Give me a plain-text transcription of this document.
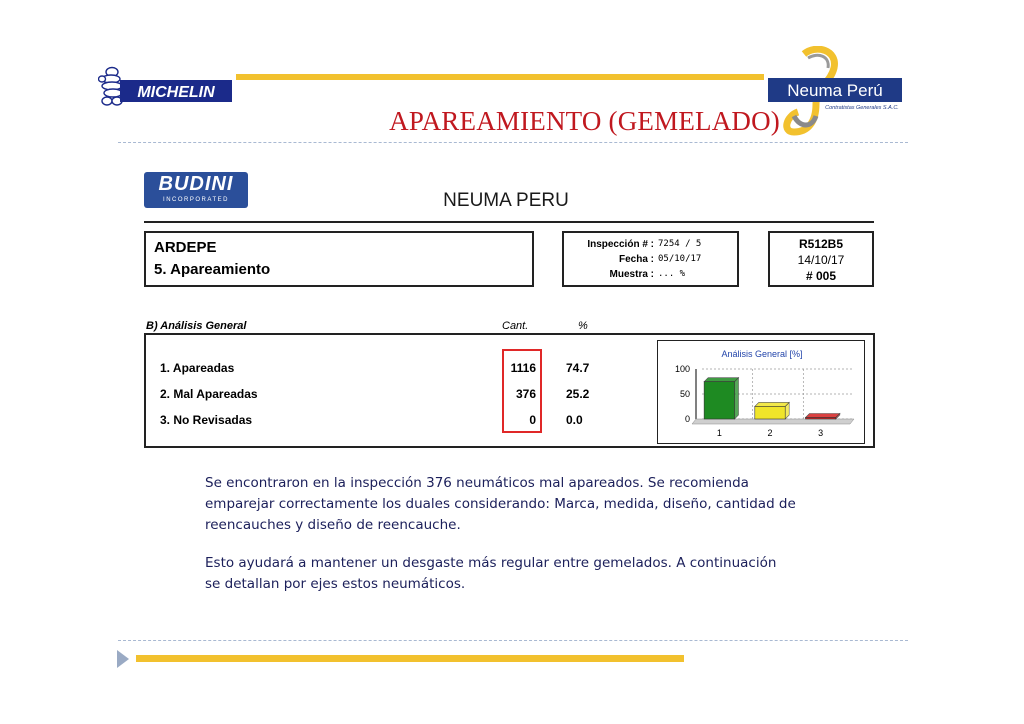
MICHELIN	Neuma Perú
Contratistas Generales S.A.C.
APAREAMIENTO (GEMELADO)
BUDINI
INCORPORATED	NEUMA PERU
ARDEPE
5. Apareamiento
Inspección # : 7254 / 5
Fecha : 05/10/17
Muestra : ... %
R512B5
14/10/17
# 005
B) Análisis General	Cant.	%
1. Apareadas	1116	74.7
2. Mal Apareadas	376	25.2
3. No Revisadas	0	0.0
Análisis General [%]
0
50
100
1	2	3
Se encontraron en la inspección 376 neumáticos mal apareados. Se recomienda
emparejar correctamente los duales considerando: Marca, medida, diseño, cantidad de
reencauches y diseño de reencauche.
Esto ayudará a mantener un desgaste más regular entre gemelados. A continuación
se detallan por ejes estos neumáticos.
